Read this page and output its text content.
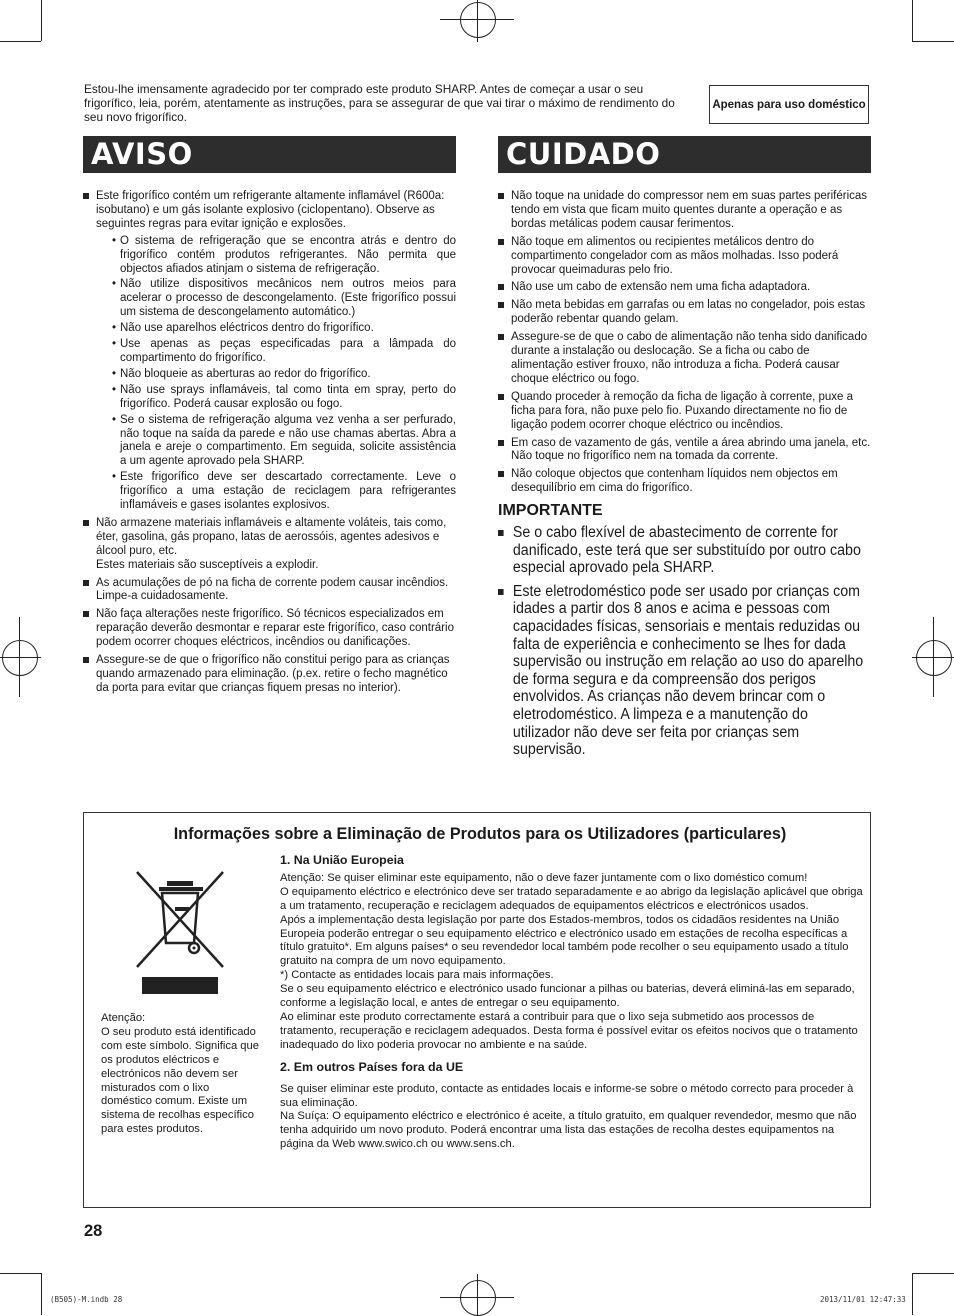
Estou-lhe imensamente agradecido por ter comprado este produto SHARP. Antes de começar a usar o seu frigorífico, leia, porém, atentamente as instruções, para se assegurar de que vai tirar o máximo de rendimento do seu novo frigorífico.
Apenas para uso doméstico
AVISO	CUIDADO
Este frigorífico contém um refrigerante altamente inflamável (R600a: isobutano) e um gás isolante explosivo (ciclopentano). Observe as seguintes regras para evitar ignição e explosões.
• O sistema de refrigeração que se encontra atrás e dentro do frigorífico contém produtos refrigerantes. Não permita que objectos afiados atinjam o sistema de refrigeração.
• Não utilize dispositivos mecânicos nem outros meios para acelerar o processo de descongelamento. (Este frigorífico possui um sistema de descongelamento automático.)
• Não use aparelhos eléctricos dentro do frigorífico.
• Use apenas as peças especificadas para a lâmpada do compartimento do frigorífico.
• Não bloqueie as aberturas ao redor do frigorífico.
• Não use sprays inflamáveis, tal como tinta em spray, perto do frigorífico. Poderá causar explosão ou fogo.
• Se o sistema de refrigeração alguma vez venha a ser perfurado, não toque na saída da parede e não use chamas abertas. Abra a janela e areje o compartimento. Em seguida, solicite assistência a um agente aprovado pela SHARP.
• Este frigorífico deve ser descartado correctamente. Leve o frigorífico a uma estação de reciclagem para refrigerantes inflamáveis e gases isolantes explosivos.
Não armazene materiais inflamáveis e altamente voláteis, tais como, éter, gasolina, gás propano, latas de aerossóis, agentes adesivos e álcool puro, etc.
Estes materiais são susceptíveis a explodir.
As acumulações de pó na ficha de corrente podem causar incêndios. Limpe-a cuidadosamente.
Não faça alterações neste frigorífico. Só técnicos especializados em reparação deverão desmontar e reparar este frigorífico, caso contrário podem ocorrer choques eléctricos, incêndios ou danificações.
Assegure-se de que o frigorífico não constitui perigo para as crianças quando armazenado para eliminação. (p.ex. retire o fecho magnético da porta para evitar que crianças fiquem presas no interior).
Não toque na unidade do compressor nem em suas partes periféricas tendo em vista que ficam muito quentes durante a operação e as bordas metálicas podem causar ferimentos.
Não toque em alimentos ou recipientes metálicos dentro do compartimento congelador com as mãos molhadas. Isso poderá provocar queimaduras pelo frio.
Não use um cabo de extensão nem uma ficha adaptadora.
Não meta bebidas em garrafas ou em latas no congelador, pois estas poderão rebentar quando gelam.
Assegure-se de que o cabo de alimentação não tenha sido danificado durante a instalação ou deslocação. Se a ficha ou cabo de alimentação estiver frouxo, não introduza a ficha. Poderá causar choque eléctrico ou fogo.
Quando proceder à remoção da ficha de ligação à corrente, puxe a ficha para fora, não puxe pelo fio. Puxando directamente no fio de ligação podem ocorrer choque eléctrico ou incêndios.
Em caso de vazamento de gás, ventile a área abrindo uma janela, etc. Não toque no frigorífico nem na tomada da corrente.
Não coloque objectos que contenham líquidos nem objectos em desequilíbrio em cima do frigorífico.
IMPORTANTE
Se o cabo flexível de abastecimento de corrente for danificado, este terá que ser substituído por outro cabo especial aprovado pela SHARP.
Este eletrodoméstico pode ser usado por crianças com idades a partir dos 8 anos e acima e pessoas com capacidades físicas, sensoriais e mentais reduzidas ou falta de experiência e conhecimento se lhes for dada supervisão ou instrução em relação ao uso do aparelho de forma segura e da compreensão dos perigos envolvidos. As crianças não devem brincar com o eletrodoméstico. A limpeza e a manutenção do utilizador não deve ser feita por crianças sem supervisão.
Informações sobre a Eliminação de Produtos para os Utilizadores (particulares)
Atenção:
O seu produto está identificado com este símbolo. Significa que os produtos eléctricos e electrónicos não devem ser misturados com o lixo doméstico comum. Existe um sistema de recolhas específico para estes produtos.
1. Na União Europeia

Atenção: Se quiser eliminar este equipamento, não o deve fazer juntamente com o lixo doméstico comum!

O equipamento eléctrico e electrónico deve ser tratado separadamente e ao abrigo da legislação aplicável que obriga a um tratamento, recuperação e reciclagem adequados de equipamentos eléctricos e electrónicos usados.

Após a implementação desta legislação por parte dos Estados-membros, todos os cidadãos residentes na União Europeia poderão entregar o seu equipamento eléctrico e electrónico usado em estações de recolha específicas a título gratuito*. Em alguns países* o seu revendedor local também pode recolher o seu equipamento usado a título gratuito na compra de um novo equipamento.

*) Contacte as entidades locais para mais informações.

Se o seu equipamento eléctrico e electrónico usado funcionar a pilhas ou baterias, deverá eliminá-las em separado, conforme a legislação local, e antes de entregar o seu equipamento.

Ao eliminar este produto correctamente estará a contribuir para que o lixo seja submetido aos processos de tratamento, recuperação e reciclagem adequados. Desta forma é possível evitar os efeitos nocivos que o tratamento inadequado do lixo poderia provocar no ambiente e na saúde.

2. Em outros Países fora da UE

Se quiser eliminar este produto, contacte as entidades locais e informe-se sobre o método correcto para proceder à sua eliminação.

Na Suíça: O equipamento eléctrico e electrónico é aceite, a título gratuito, em qualquer revendedor, mesmo que não tenha adquirido um novo produto. Poderá encontrar uma lista das estações de recolha destes equipamentos na página da Web www.swico.ch ou www.sens.ch.

28
(B505)-M.indb 28	2013/11/01 12:47:33
